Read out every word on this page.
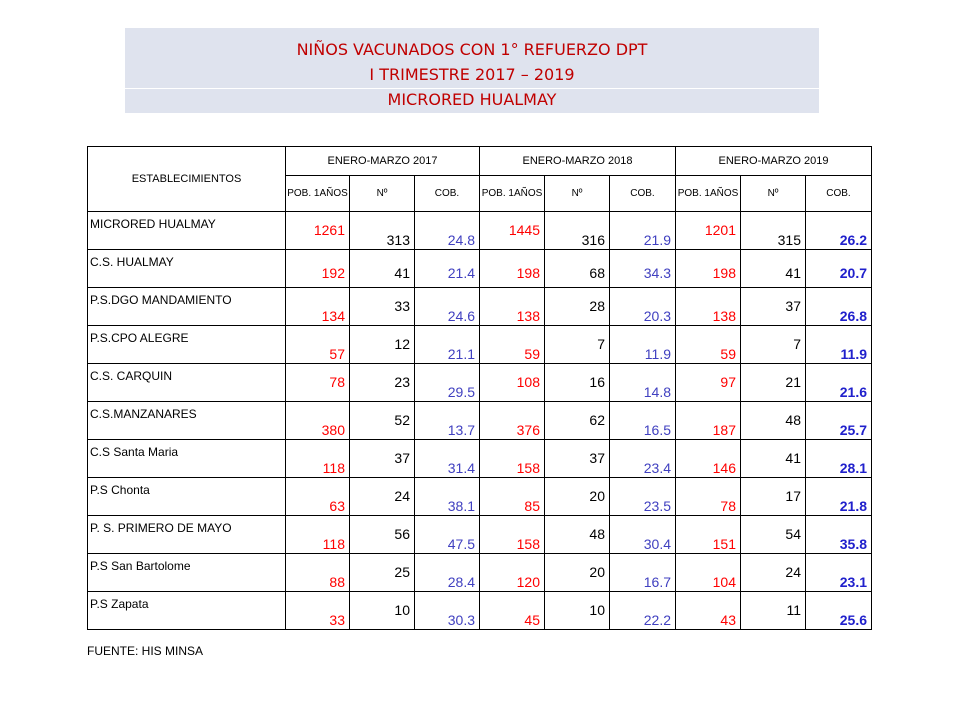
NIÑOS VACUNADOS CON 1° REFUERZO DPT
I TRIMESTRE 2017 – 2019
MICRORED HUALMAY
ESTABLECIMIENTOS	ENERO-MARZO 2017			ENERO-MARZO 2018			ENERO-MARZO 2019		
	POB. 1AÑOS	Nº	COB.	POB. 1AÑOS	Nº	COB.	POB. 1AÑOS	Nº	COB.
MICRORED HUALMAY	1261	313	24.8	1445	316	21.9	1201	315	26.2

C.S. HUALMAY	192	41	21.4	198	68	34.3	198	41	20.7

P.S.DGO MANDAMIENTO	134	33	24.6	138	28	20.3	138	37	26.8

P.S.CPO ALEGRE	57	12	21.1	59	7	11.9	59	7	11.9

C.S. CARQUIN	78	23	29.5	108	16	14.8	97	21	21.6

C.S.MANZANARES	380	52	13.7	376	62	16.5	187	48	25.7

C.S Santa Maria	118	37	31.4	158	37	23.4	146	41	28.1

P.S Chonta	63	24	38.1	85	20	23.5	78	17	21.8

P. S. PRIMERO DE MAYO	118	56	47.5	158	48	30.4	151	54	35.8

P.S San Bartolome	88	25	28.4	120	20	16.7	104	24	23.1

P.S Zapata	33	10	30.3	45	10	22.2	43	11	25.6
FUENTE: HIS MINSA
